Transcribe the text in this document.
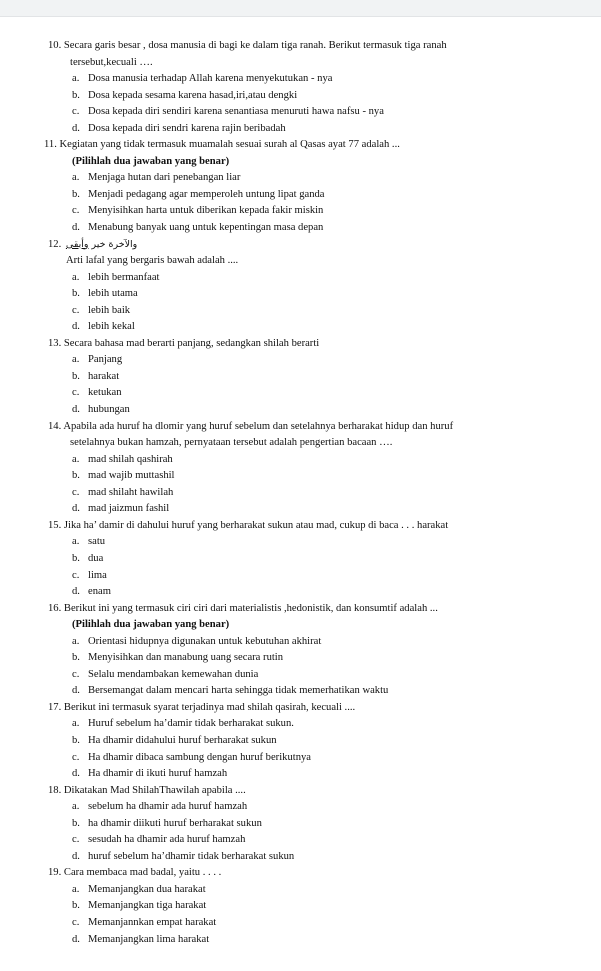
10. Secara garis besar , dosa manusia di bagi ke dalam tiga ranah. Berikut termasuk tiga ranah
tersebut,kecuali ….
a. Dosa manusia terhadap Allah karena menyekutukan - nya
b. Dosa kepada sesama karena hasad,iri,atau dengki
c. Dosa kepada diri sendiri karena senantiasa menuruti hawa nafsu - nya
d. Dosa kepada diri sendri karena rajin beribadah
11. Kegiatan yang tidak termasuk muamalah sesuai surah al Qasas ayat 77 adalah ...
(Pilihlah dua jawaban yang benar)
a. Menjaga hutan dari penebangan liar
b. Menjadi pedagang agar memperoleh untung lipat ganda
c. Menyisihkan harta untuk diberikan kepada fakir miskin
d. Menabung banyak uang untuk kepentingan masa depan
12.	والآخرة خير وأبقى
Arti lafal yang bergaris bawah adalah ....
a. lebih bermanfaat
b. lebih utama
c. lebih baik
d. lebih kekal
13. Secara bahasa mad berarti panjang, sedangkan shilah berarti
a. Panjang
b. harakat
c. ketukan
d. hubungan
14. Apabila ada huruf ha dlomir yang huruf sebelum dan setelahnya berharakat hidup dan huruf
setelahnya bukan hamzah, pernyataan tersebut adalah pengertian bacaan ….
a. mad shilah qashirah
b. mad wajib muttashil
c. mad shilaht hawilah
d. mad jaizmun fashil
15. Jika ha’ damir di dahului huruf yang berharakat sukun atau mad, cukup di baca . . . harakat
a. satu
b. dua
c. lima
d. enam
16. Berikut ini yang termasuk ciri ciri dari materialistis ,hedonistik, dan konsumtif adalah ...
(Pilihlah dua jawaban yang benar)
a. Orientasi hidupnya digunakan untuk kebutuhan akhirat
b. Menyisihkan dan manabung uang secara rutin
c. Selalu mendambakan kemewahan dunia
d. Bersemangat dalam mencari harta sehingga tidak memerhatikan waktu
17. Berikut ini termasuk syarat terjadinya mad shilah qasirah, kecuali ....
a. Huruf sebelum ha’damir tidak berharakat sukun.
b. Ha dhamir didahului huruf berharakat sukun
c. Ha dhamir dibaca sambung dengan huruf berikutnya
d. Ha dhamir di ikuti huruf hamzah
18. Dikatakan Mad ShilahThawilah apabila ....
a. sebelum ha dhamir ada huruf hamzah
b. ha dhamir diikuti huruf berharakat sukun
c. sesudah ha dhamir ada huruf hamzah
d. huruf sebelum ha’dhamir tidak berharakat sukun
19. Cara membaca mad badal, yaitu . . . .
a. Memanjangkan dua harakat
b. Memanjangkan tiga harakat
c. Memanjannkan empat harakat
d. Memanjangkan lima harakat
